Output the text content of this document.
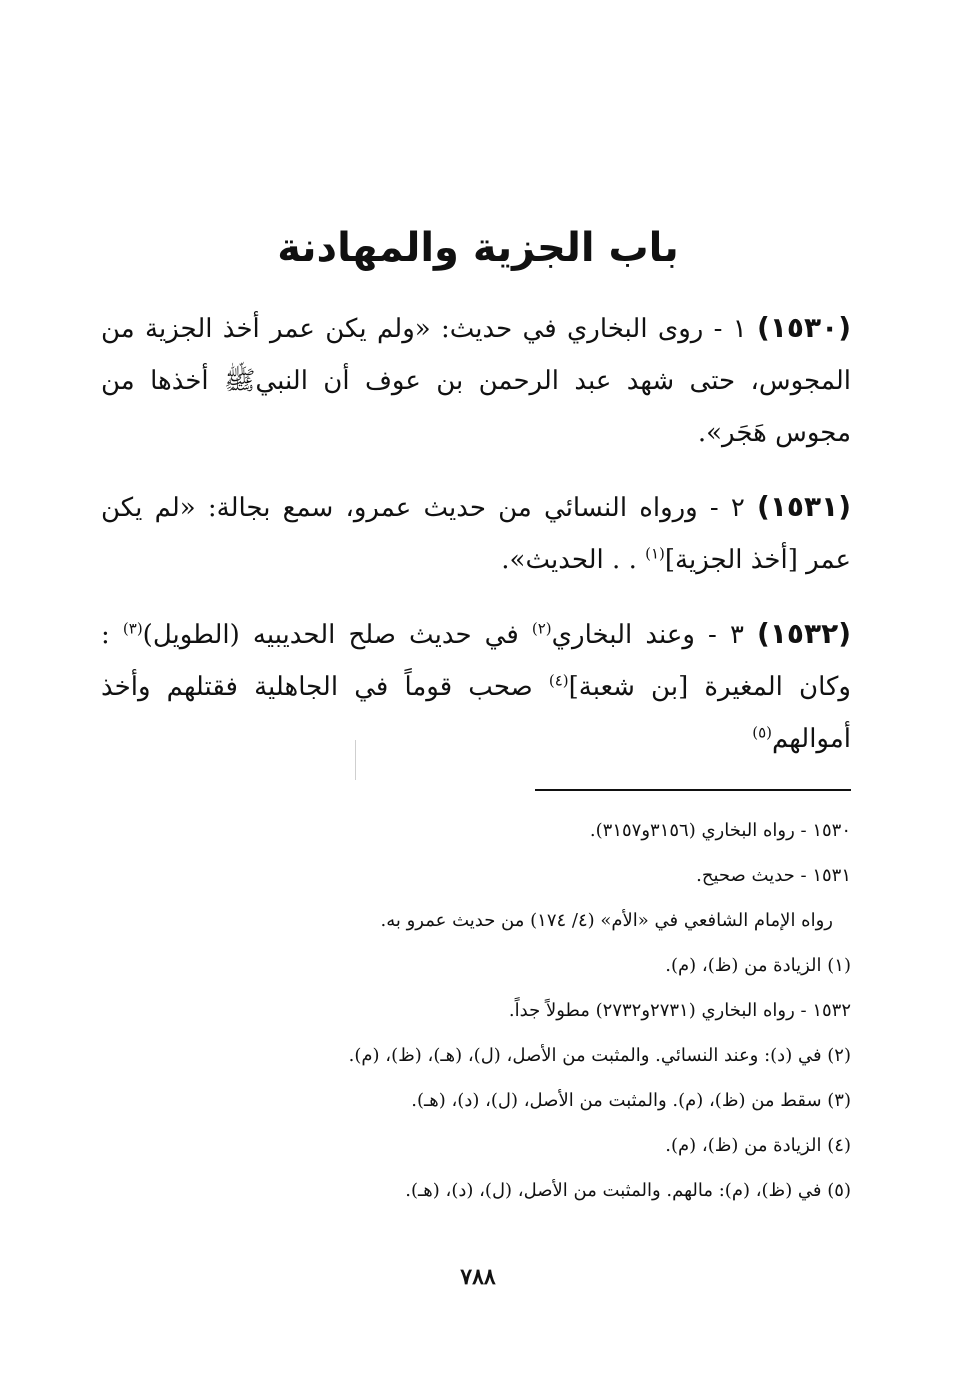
باب الجزية والمهادنة

(١٥٣٠) ١ - روى البخاري في حديث: «ولم يكن عمر أخذ الجزية من المجوس، حتى شهد عبد الرحمن بن عوف أن النبيﷺ أخذها من مجوس هَجَر».

(١٥٣١) ٢ - ورواه النسائي من حديث عمرو، سمع بجالة: «لم يكن عمر [أخذ الجزية]$^{(١)}$ . . الحديث».

(١٥٣٢) ٣ - وعند البخاري$^{(٢)}$ في حديث صلح الحديبيه (الطويل)$^{(٣)}$ : وكان المغيرة [بن شعبة]$^{(٤)}$ صحب قوماً في الجاهلية فقتلهم وأخذ أموالهم$^{(٥)}$

١٥٣٠ - رواه البخاري (٣١٥٦و٣١٥٧).

١٥٣١ - حديث صحيح.

رواه الإمام الشافعي في «الأم» (٤/ ١٧٤) من حديث عمرو به.

(١) الزيادة من (ظ)، (م).

١٥٣٢ - رواه البخاري (٢٧٣١و٢٧٣٢) مطولاً جداً.

(٢) في (د): وعند النسائي. والمثبت من الأصل، (ل)، (هـ)، (ظ)، (م).

(٣) سقط من (ظ)، (م). والمثبت من الأصل، (ل)، (د)، (هـ).

(٤) الزيادة من (ظ)، (م).

(٥) في (ظ)، (م): مالهم. والمثبت من الأصل، (ل)، (د)، (هـ).

٧٨٨
